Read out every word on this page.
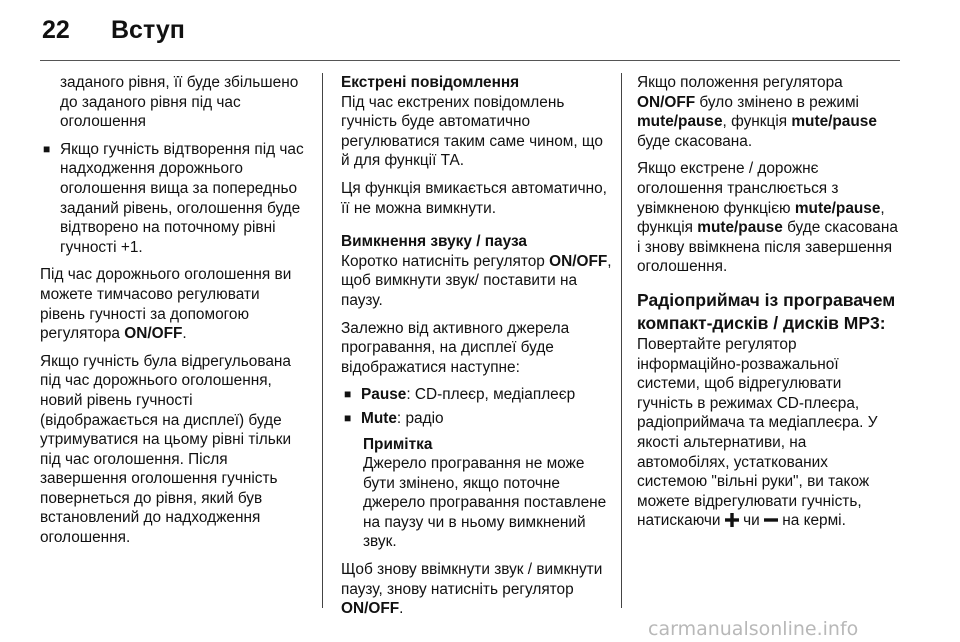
22 Вступ

заданого рівня, її буде збільшено до заданого рівня під час оголошення

■ Якщо гучність відтворення під час надходження дорожнього оголошення вища за попередньо заданий рівень, оголошення буде відтворено на поточному рівні гучності +1.

Під час дорожнього оголошення ви можете тимчасово регулювати рівень гучності за допомогою регулятора ON/OFF.

Якщо гучність була відрегульована під час дорожнього оголошення, новий рівень гучності (відображається на дисплеї) буде утримуватися на цьому рівні тільки під час оголошення. Після завершення оголошення гучність повернеться до рівня, який був встановлений до надходження оголошення.

Екстрені повідомлення

Під час екстрених повідомлень гучність буде автоматично регулюватися таким саме чином, що й для функції ТА.

Ця функція вмикається автоматично, її не можна вимкнути.

Вимкнення звуку / пауза

Коротко натисніть регулятор ON/OFF, щоб вимкнути звук/ поставити на паузу.

Залежно від активного джерела програвання, на дисплеї буде відображатися наступне:

■ Pause: CD-плеєр, медіаплеєр
■ Mute: радіо

Примітка

Джерело програвання не може бути змінено, якщо поточне джерело програвання поставлене на паузу чи в ньому вимкнений звук.

Щоб знову ввімкнути звук / вимкнути паузу, знову натисніть регулятор ON/OFF.

Якщо положення регулятора ON/OFF було змінено в режимі mute/pause, функція mute/pause буде скасована.

Якщо екстрене / дорожнє оголошення транслюється з увімкненою функцією mute/pause, функція mute/pause буде скасована і знову ввімкнена після завершення оголошення.

Радіоприймач із програвачем компакт-дисків / дисків MP3:

Повертайте регулятор інформаційно-розважальної системи, щоб відрегулювати гучність в режимах CD-плеєра, радіоприймача та медіаплеєра. У якості альтернативи, на автомобілях, устаткованих системою "вільні руки", ви також можете відрегулювати гучність, натискаючи  чи  на кермі.

carmanualsonline.info
